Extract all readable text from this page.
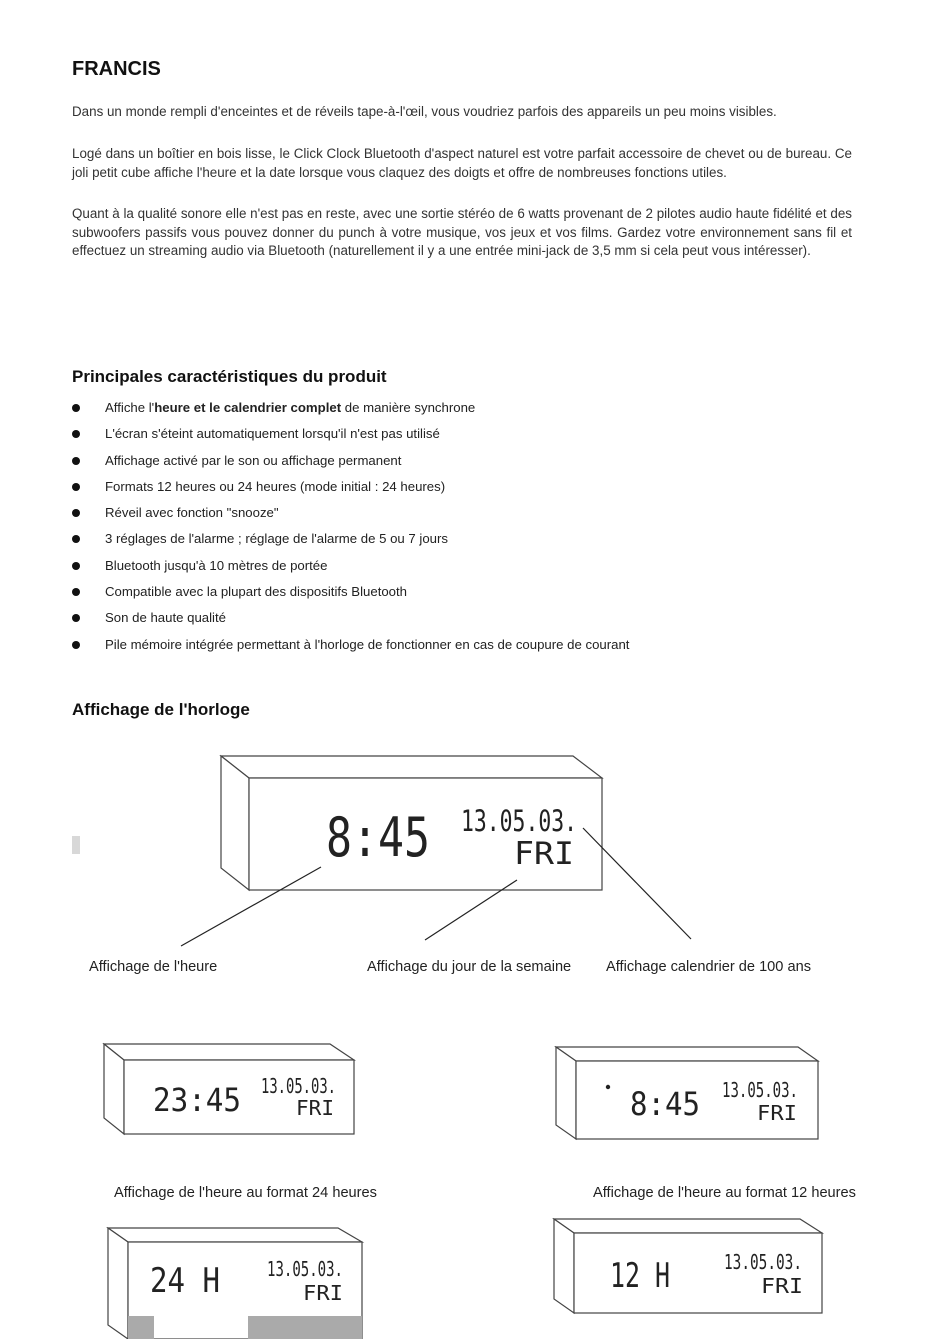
FRANCIS
Dans un monde rempli d'enceintes et de réveils tape-à-l'œil, vous voudriez parfois des appareils un peu moins visibles.
Logé dans un boîtier en bois lisse, le Click Clock Bluetooth d'aspect naturel est votre parfait accessoire de chevet ou de bureau. Ce joli petit cube affiche l'heure et la date lorsque vous claquez des doigts et offre de nombreuses fonctions utiles.
Quant à la qualité sonore elle n'est pas en reste, avec une sortie stéréo de 6 watts provenant de 2 pilotes audio haute fidélité et des subwoofers passifs vous pouvez donner du punch à votre musique, vos jeux et vos films. Gardez votre environnement sans fil et effectuez un streaming audio via Bluetooth (naturellement il y a une entrée mini-jack de 3,5 mm si cela peut vous intéresser).
Principales caractéristiques du produit
Affiche l'heure et le calendrier complet de manière synchrone
L'écran s'éteint automatiquement lorsqu'il n'est pas utilisé
Affichage activé par le son ou affichage permanent
Formats 12 heures ou 24 heures (mode initial : 24 heures)
Réveil avec fonction "snooze"
3 réglages de l'alarme ; réglage de l'alarme de 5 ou 7 jours
Bluetooth jusqu'à 10 mètres de portée
Compatible avec la plupart des dispositifs Bluetooth
Son de haute qualité
Pile mémoire intégrée permettant à l'horloge de fonctionner en cas de coupure de courant
Affichage de l'horloge
8:45 13.05.03.
FRI
Affichage de l'heure	Affichage du jour de la semaine Affichage calendrier de 100 ans
23:45 13.05.03.
FRI	8:45 13.05.03.
FRI
Affichage de l'heure au format 24 heures	Affichage de l'heure au format 12 heures
24 H 13.05.03.
FRI	12 H	13.05.03.
FRI
